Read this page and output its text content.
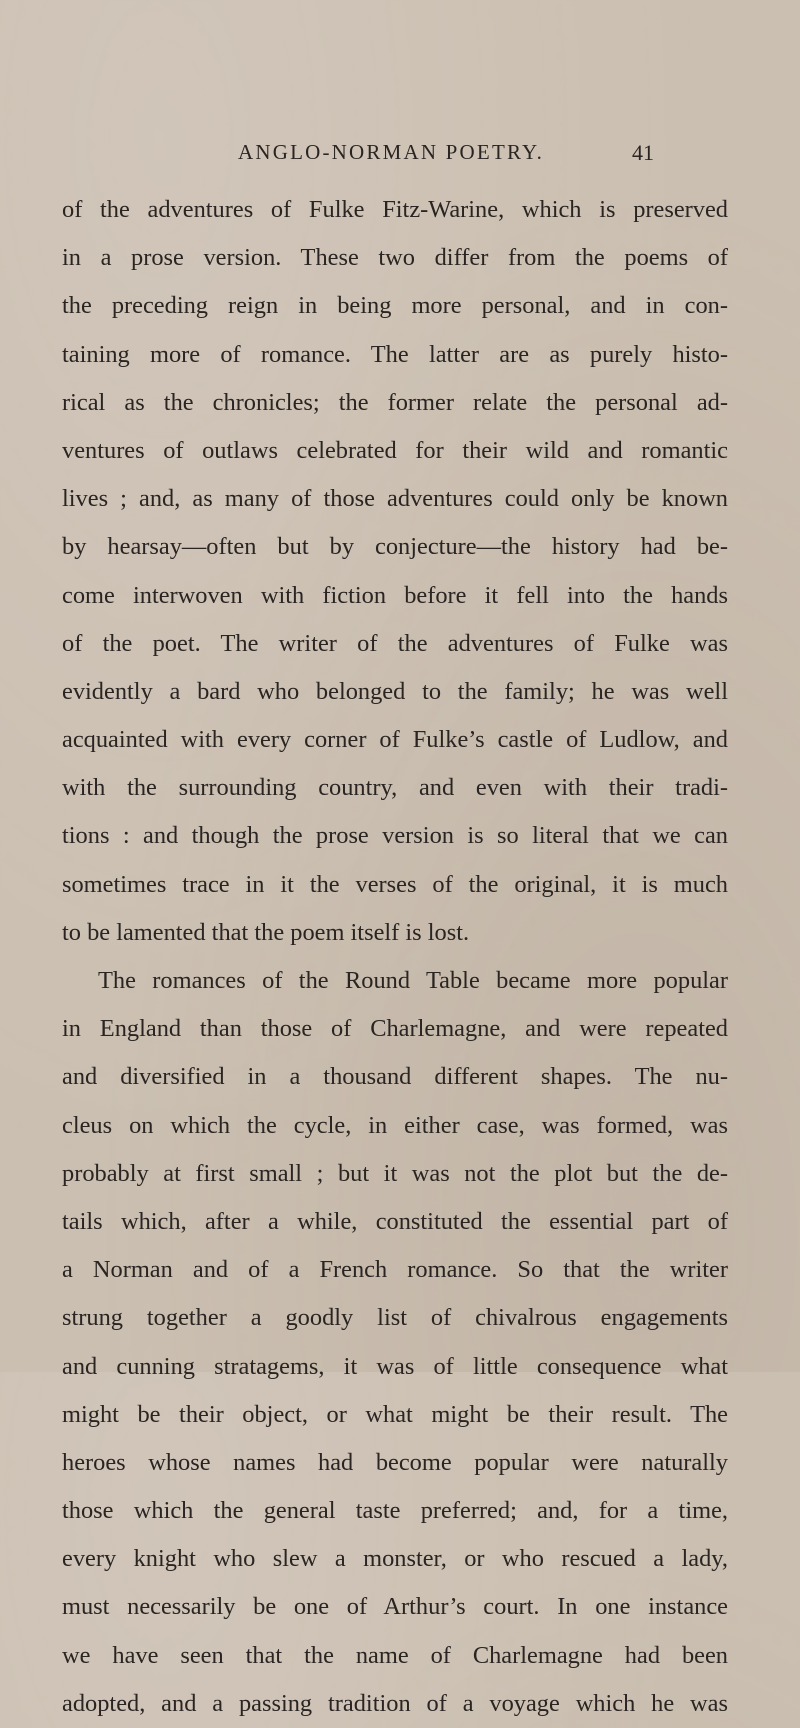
ANGLO-NORMAN POETRY.	41
of the adventures of Fulke Fitz-Warine, which is preserved
in a prose version. These two differ from the poems of
the preceding reign in being more personal, and in con-
taining more of romance. The latter are as purely histo-
rical as the chronicles; the former relate the personal ad-
ventures of outlaws celebrated for their wild and romantic
lives ; and, as many of those adventures could only be known
by hearsay—often but by conjecture—the history had be-
come interwoven with fiction before it fell into the hands
of the poet. The writer of the adventures of Fulke was
evidently a bard who belonged to the family; he was well
acquainted with every corner of Fulke’s castle of Ludlow, and
with the surrounding country, and even with their tradi-
tions : and though the prose version is so literal that we can
sometimes trace in it the verses of the original, it is much
to be lamented that the poem itself is lost.
The romances of the Round Table became more popular
in England than those of Charlemagne, and were repeated
and diversified in a thousand different shapes. The nu-
cleus on which the cycle, in either case, was formed, was
probably at first small ; but it was not the plot but the de-
tails which, after a while, constituted the essential part of
a Norman and of a French romance. So that the writer
strung together a goodly list of chivalrous engagements
and cunning stratagems, it was of little consequence what
might be their object, or what might be their result. The
heroes whose names had become popular were naturally
those which the general taste preferred; and, for a time,
every knight who slew a monster, or who rescued a lady,
must necessarily be one of Arthur’s court. In one instance
we have seen that the name of Charlemagne had been
adopted, and a passing tradition of a voyage which he was
